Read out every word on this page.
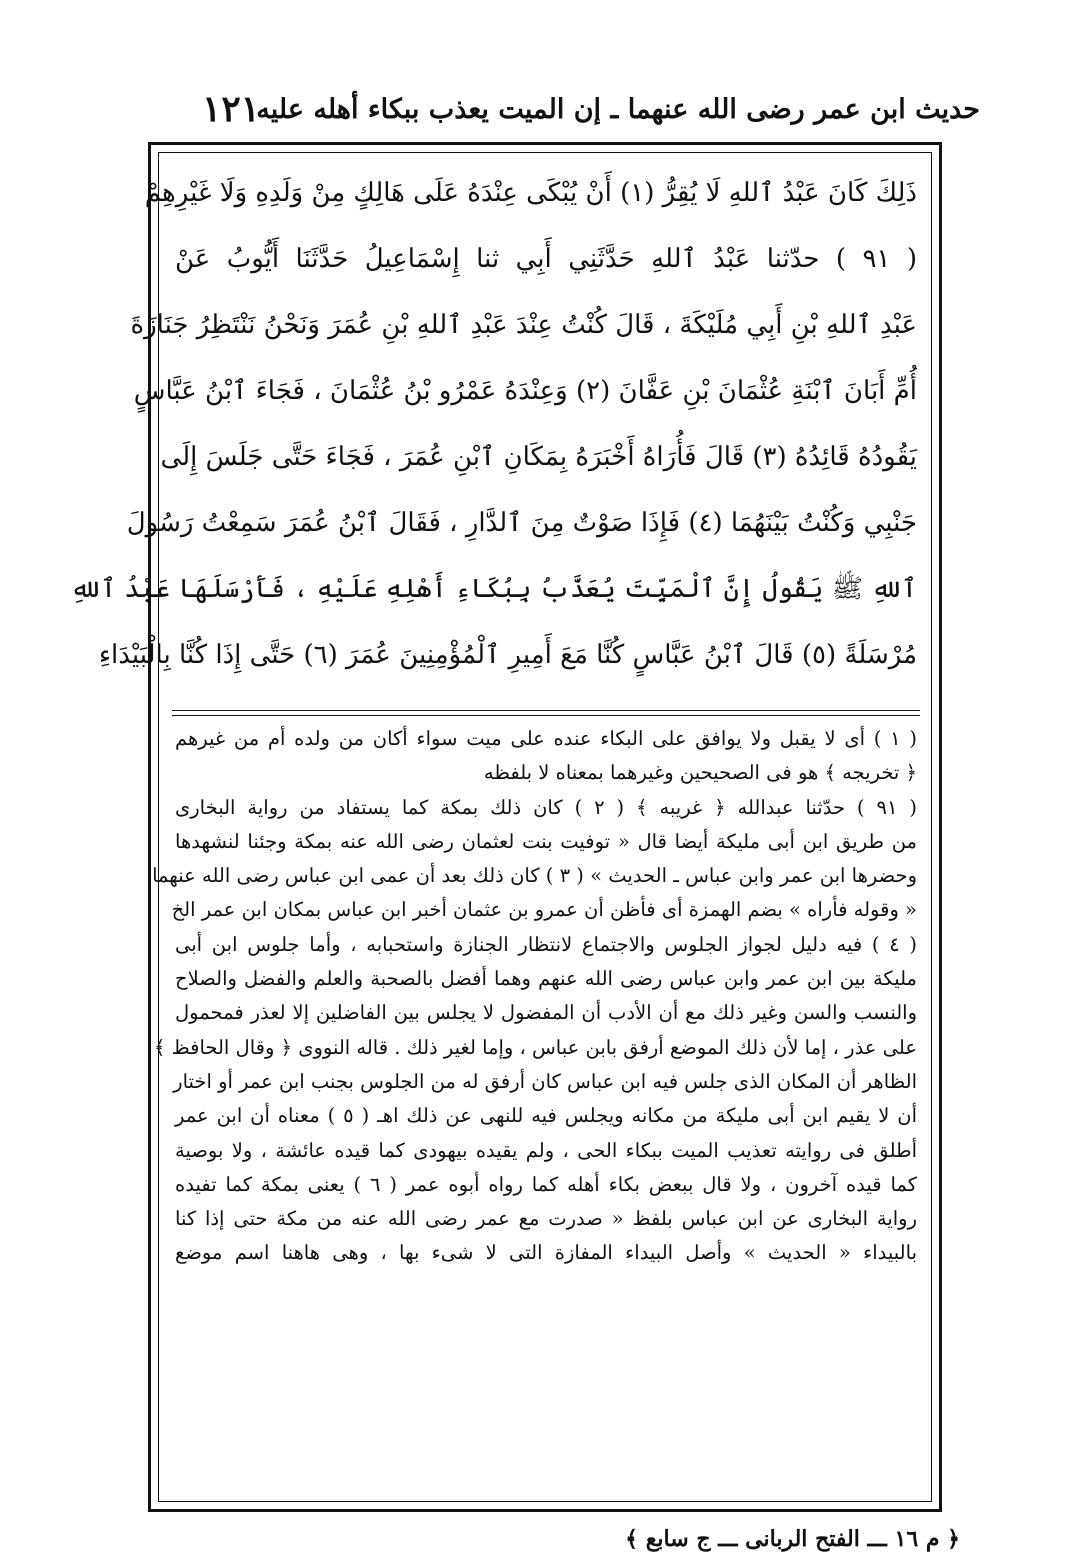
حديث ابن عمر رضى الله عنهما ـ إن الميت يعذب ببكاء أهله عليه
١٢١
ذَلِكَ كَانَ عَبْدُ ٱللهِ لَا يُقِرُّ (١) أَنْ يُبْكَى عِنْدَهُ عَلَى هَالِكٍ مِنْ وَلَدِهِ وَلَا غَيْرِهِمْ
( ٩١ ) حدّثنا عَبْدُ ٱللهِ حَدَّثَنِي أَبِي ثنا إِسْمَاعِيلُ حَدَّثَنَا أَيُّوبُ عَنْ
عَبْدِ ٱللهِ بْنِ أَبِي مُلَيْكَةَ ، قَالَ كُنْتُ عِنْدَ عَبْدِ ٱللهِ بْنِ عُمَرَ وَنَحْنُ نَنْتَظِرُ جَنَازَةَ
أُمِّ أَبَانَ ٱبْنَةِ عُثْمَانَ بْنِ عَفَّانَ (٢) وَعِنْدَهُ عَمْرُو بْنُ عُثْمَانَ ، فَجَاءَ ٱبْنُ عَبَّاسٍ
يَقُودُهُ قَائِدُهُ (٣) قَالَ فَأُرَاهُ أَخْبَرَهُ بِمَكَانِ ٱبْنِ عُمَرَ ، فَجَاءَ حَتَّى جَلَسَ إِلَى
جَنْبِي وَكُنْتُ بَيْنَهُمَا (٤) فَإِذَا صَوْتٌ مِنَ ٱلدَّارِ ، فَقَالَ ٱبْنُ عُمَرَ سَمِعْتُ رَسُولَ
ٱللهِ ﷺ يَقُولُ إِنَّ ٱلْمَيِّتَ يُعَذَّبُ بِبُكَاءِ أَهْلِهِ عَلَيْهِ ، فَأَرْسَلَهَا عَبْدُ ٱللهِ
مُرْسَلَةً (٥) قَالَ ٱبْنُ عَبَّاسٍ كُنَّا مَعَ أَمِيرِ ٱلْمُؤْمِنِينَ عُمَرَ (٦) حَتَّى إِذَا كُنَّا بِالْبَيْدَاءِ
( ١ ) أى لا يقبل ولا يوافق على البكاء عنده على ميت سواء أكان من ولده أم من غيرهم
﴿ تخريجه ﴾ هو فى الصحيحين وغيرهما بمعناه لا بلفظه
( ٩١ ) حدّثنا عبدالله ﴿ غريبه ﴾ ( ٢ ) كان ذلك بمكة كما يستفاد من رواية البخارى
من طريق ابن أبى مليكة أيضا قال « توفيت بنت لعثمان رضى الله عنه بمكة وجئنا لنشهدها
وحضرها ابن عمر وابن عباس ـ الحديث » ( ٣ ) كان ذلك بعد أن عمى ابن عباس رضى الله عنهما
« وقوله فأراه » بضم الهمزة أى فأظن أن عمرو بن عثمان أخبر ابن عباس بمكان ابن عمر الخ
( ٤ ) فيه دليل لجواز الجلوس والاجتماع لانتظار الجنازة واستحبابه ، وأما جلوس ابن أبى
مليكة بين ابن عمر وابن عباس رضى الله عنهم وهما أفضل بالصحبة والعلم والفضل والصلاح
والنسب والسن وغير ذلك مع أن الأدب أن المفضول لا يجلس بين الفاضلين إلا لعذر فمحمول
على عذر ، إما لأن ذلك الموضع أرفق بابن عباس ، وإما لغير ذلك . قاله النووى ﴿ وقال الحافظ ﴾
الظاهر أن المكان الذى جلس فيه ابن عباس كان أرفق له من الجلوس بجنب ابن عمر أو اختار
أن لا يقيم ابن أبى مليكة من مكانه ويجلس فيه للنهى عن ذلك اهـ ( ٥ ) معناه أن ابن عمر
أطلق فى روايته تعذيب الميت ببكاء الحى ، ولم يقيده بيهودى كما قيده عائشة ، ولا بوصية
كما قيده آخرون ، ولا قال ببعض بكاء أهله كما رواه أبوه عمر ( ٦ ) يعنى بمكة كما تفيده
رواية البخارى عن ابن عباس بلفظ « صدرت مع عمر رضى الله عنه من مكة حتى إذا كنا
بالبيداء « الحديث » وأصل البيداء المفازة التى لا شىء بها ، وهى هاهنا اسم موضع
﴿ م ١٦ ـــ الفتح الربانى ـــ ج سابع ﴾
